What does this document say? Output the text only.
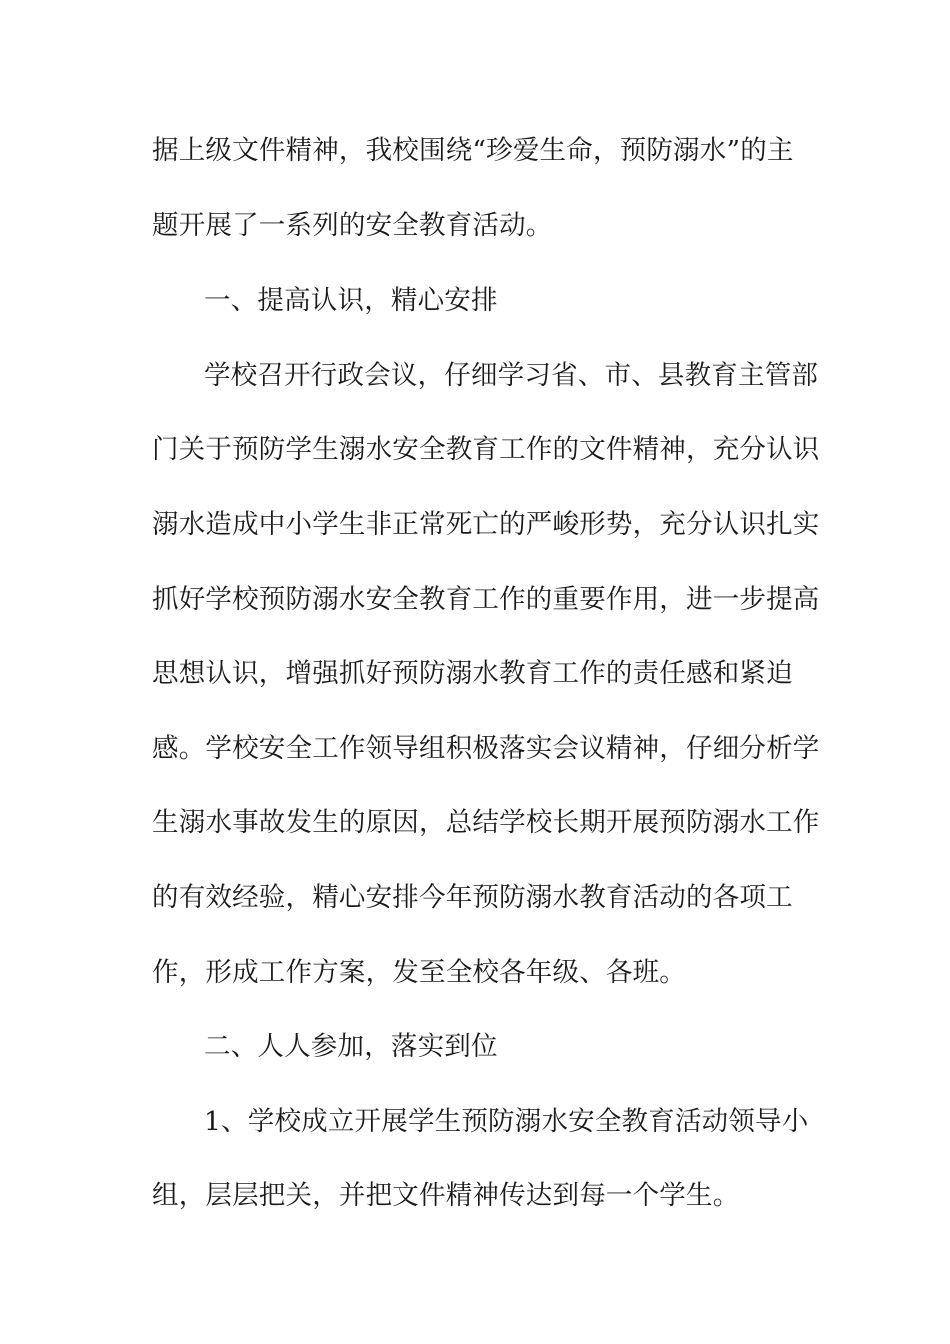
据上级文件精神，我校围绕“珍爱生命，预防溺水”的主
题开展了一系列的安全教育活动。
一、提高认识，精心安排
学校召开行政会议，仔细学习省、市、县教育主管部
门关于预防学生溺水安全教育工作的文件精神，充分认识
溺水造成中小学生非正常死亡的严峻形势，充分认识扎实
抓好学校预防溺水安全教育工作的重要作用，进一步提高
思想认识，增强抓好预防溺水教育工作的责任感和紧迫
感。学校安全工作领导组积极落实会议精神，仔细分析学
生溺水事故发生的原因，总结学校长期开展预防溺水工作
的有效经验，精心安排今年预防溺水教育活动的各项工
作，形成工作方案，发至全校各年级、各班。
二、人人参加，落实到位
1、学校成立开展学生预防溺水安全教育活动领导小
组，层层把关，并把文件精神传达到每一个学生。
